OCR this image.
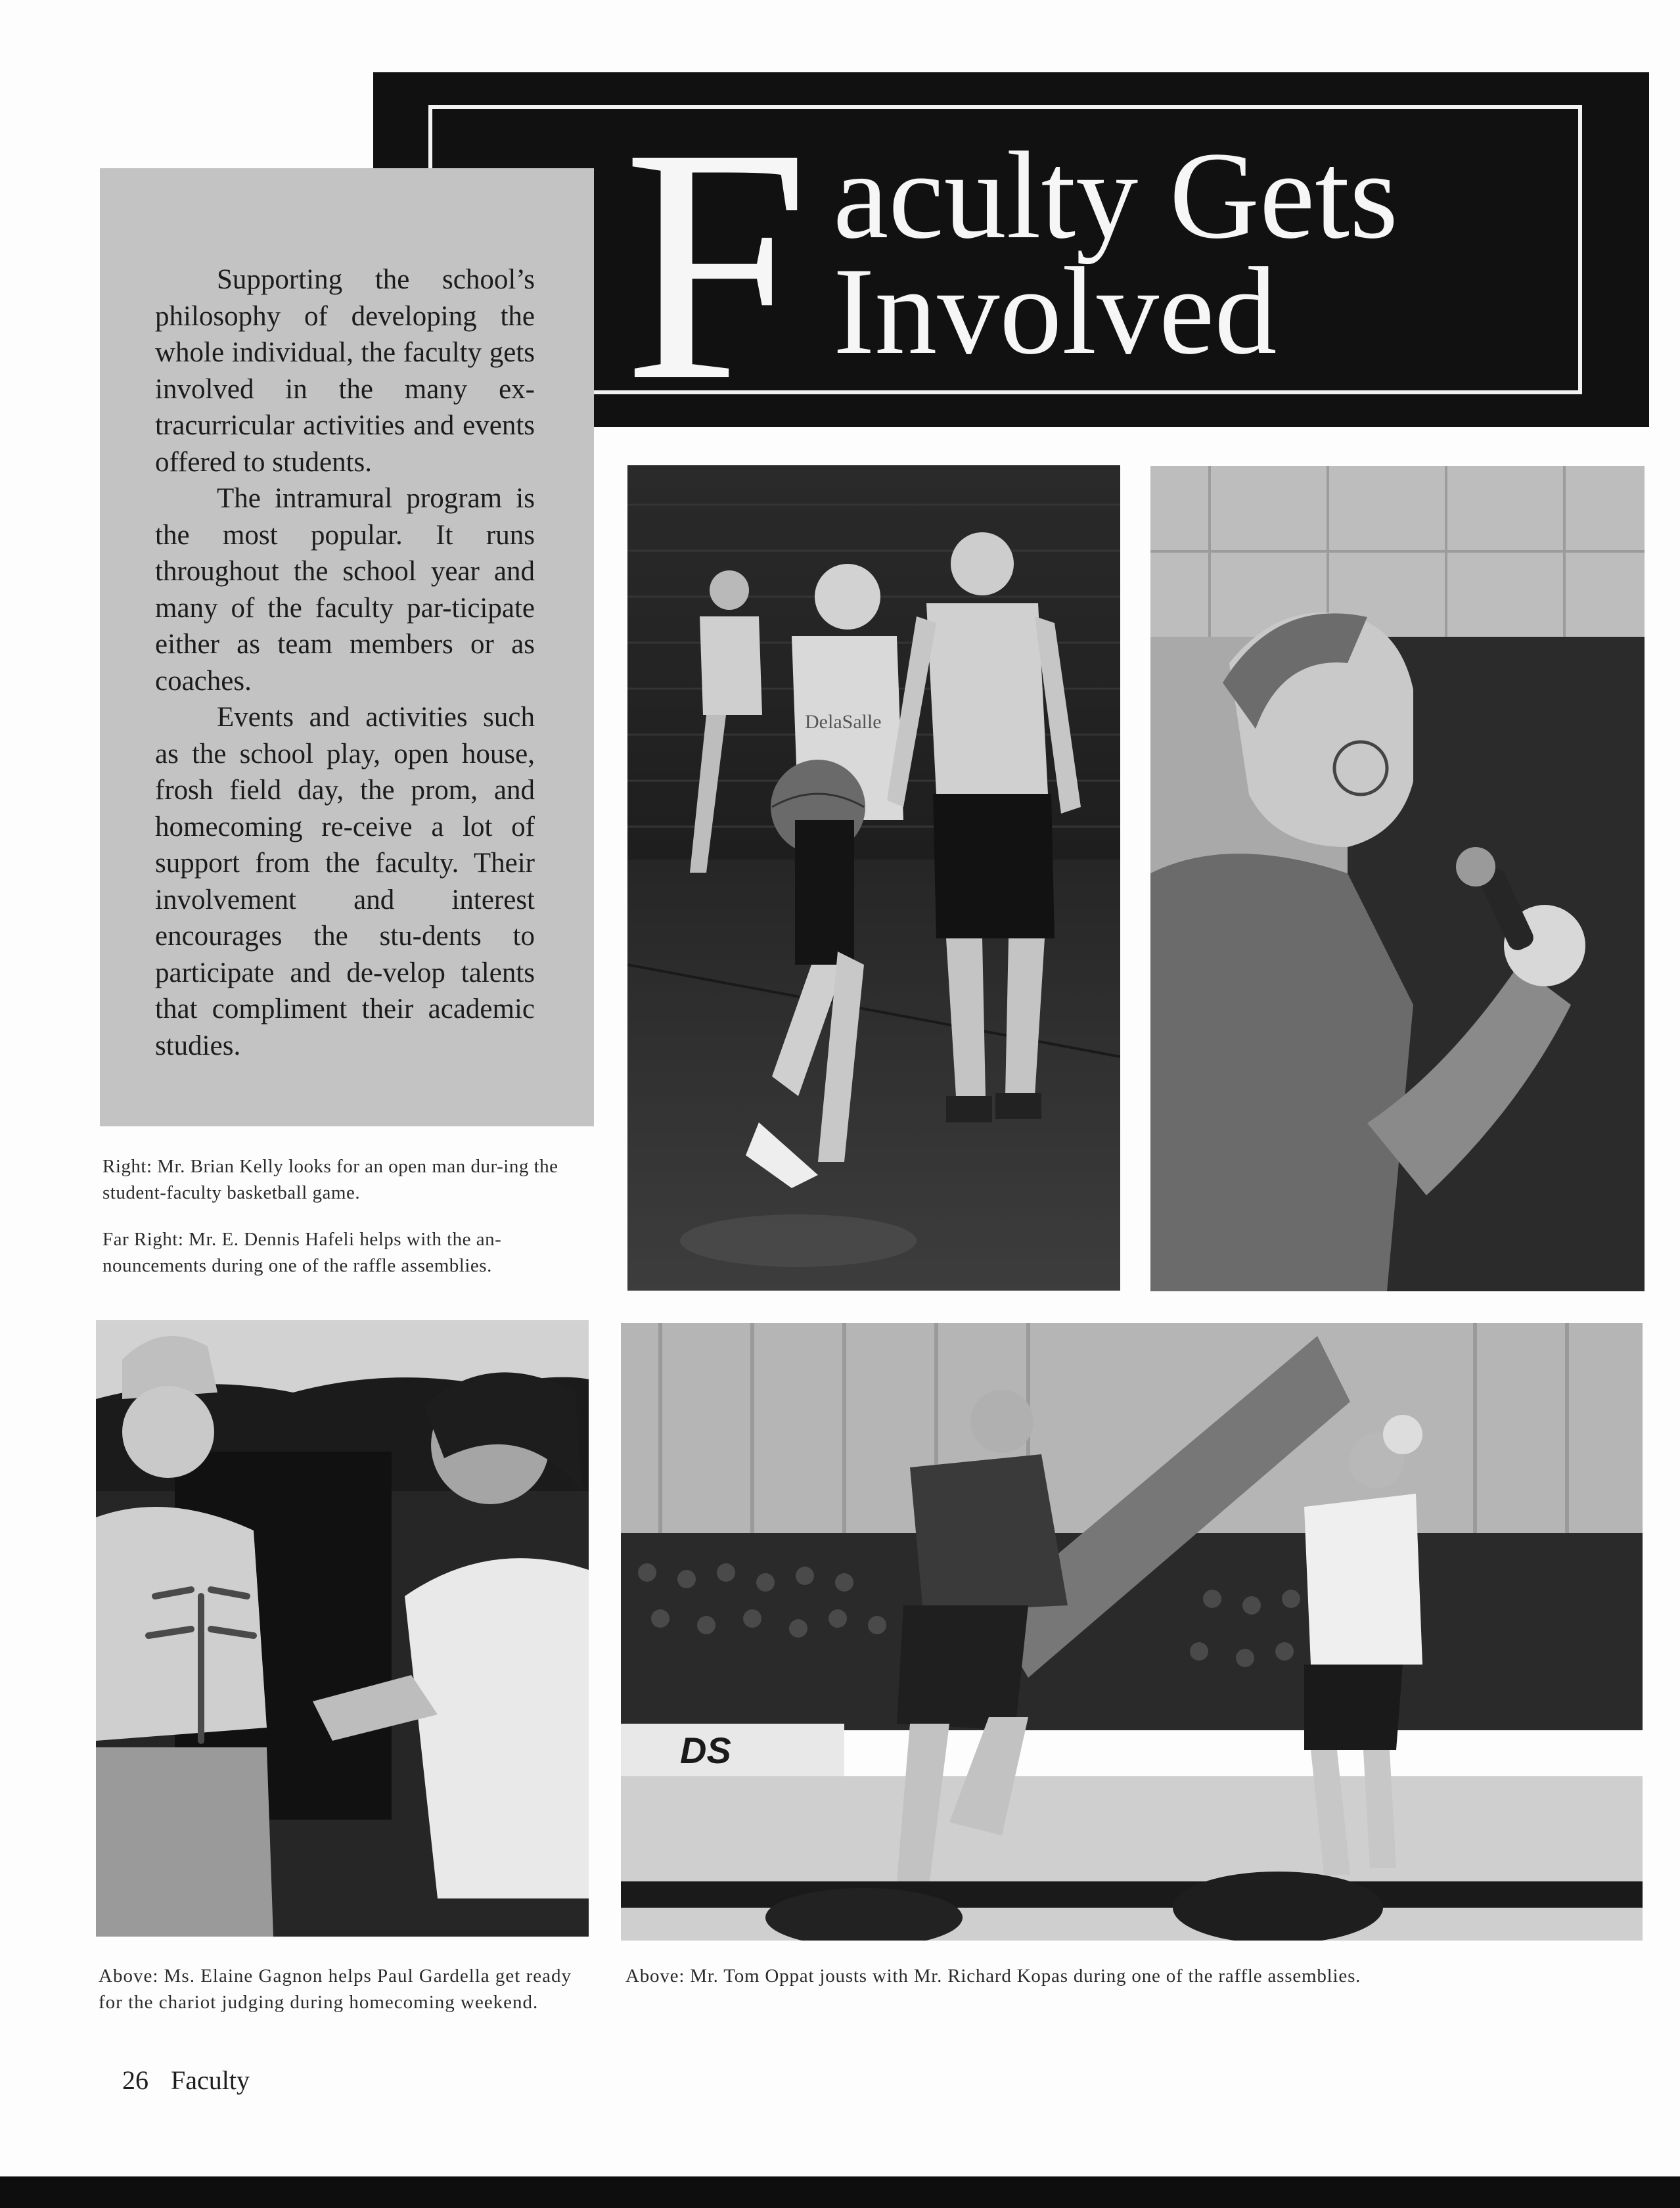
F aculty Gets
Involved

Supporting the school’s philosophy of developing the whole individual, the faculty gets involved in the many ex-tracurricular activities and events offered to students.

The intramural program is the most popular. It runs throughout the school year and many of the faculty par-ticipate either as team members or as coaches.

Events and activities such as the school play, open house, frosh field day, the prom, and homecoming re-ceive a lot of support from the faculty. Their involvement and interest encourages the stu-dents to participate and de-velop talents that compliment their academic studies.

Right: Mr. Brian Kelly looks for an open man dur-ing the student-faculty basketball game.
Far Right: Mr. E. Dennis Hafeli helps with the an-nouncements during one of the raffle assemblies.
DelaSalle
DS
Above: Ms. Elaine Gagnon helps Paul Gardella get ready for the chariot judging during homecoming weekend.
Above: Mr. Tom Oppat jousts with Mr. Richard Kopas during one of the raffle assemblies.
26 Faculty
